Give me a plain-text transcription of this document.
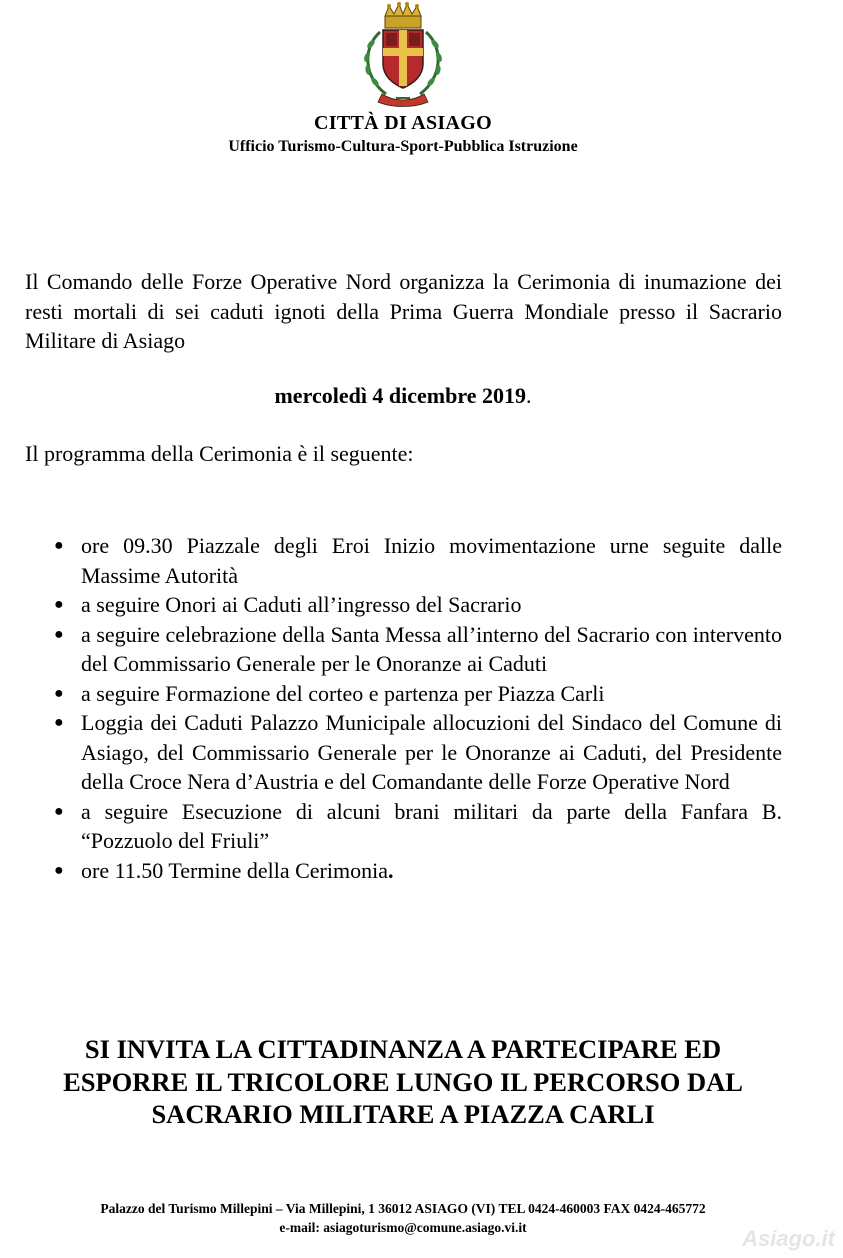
CITTÀ DI ASIAGO
Ufficio Turismo-Cultura-Sport-Pubblica Istruzione

Il Comando delle Forze Operative Nord organizza la Cerimonia di inumazione dei resti mortali di sei caduti ignoti della Prima Guerra Mondiale presso il Sacrario Militare di Asiago

mercoledì 4 dicembre 2019.
Il programma della Cerimonia è il seguente:
● ore 09.30 Piazzale degli Eroi Inizio movimentazione urne seguite dalle Massime Autorità
● a seguire Onori ai Caduti all’ingresso del Sacrario
● a seguire celebrazione della Santa Messa all’interno del Sacrario con intervento del Commissario Generale per le Onoranze ai Caduti
● a seguire Formazione del corteo e partenza per Piazza Carli
● Loggia dei Caduti Palazzo Municipale allocuzioni del Sindaco del Comune di Asiago, del Commissario Generale per le Onoranze ai Caduti, del Presidente della Croce Nera d’Austria e del Comandante delle Forze Operative Nord
● a seguire Esecuzione di alcuni brani militari da parte della Fanfara B. “Pozzuolo del Friuli”
● ore 11.50 Termine della Cerimonia.
SI INVITA LA CITTADINANZA A PARTECIPARE ED
ESPORRE IL TRICOLORE LUNGO IL PERCORSO DAL
SACRARIO MILITARE A PIAZZA CARLI
Palazzo del Turismo Millepini – Via Millepini, 1 36012 ASIAGO (VI) TEL 0424-460003 FAX 0424-465772
e-mail: asiagoturismo@comune.asiago.vi.it	Asiago.it
